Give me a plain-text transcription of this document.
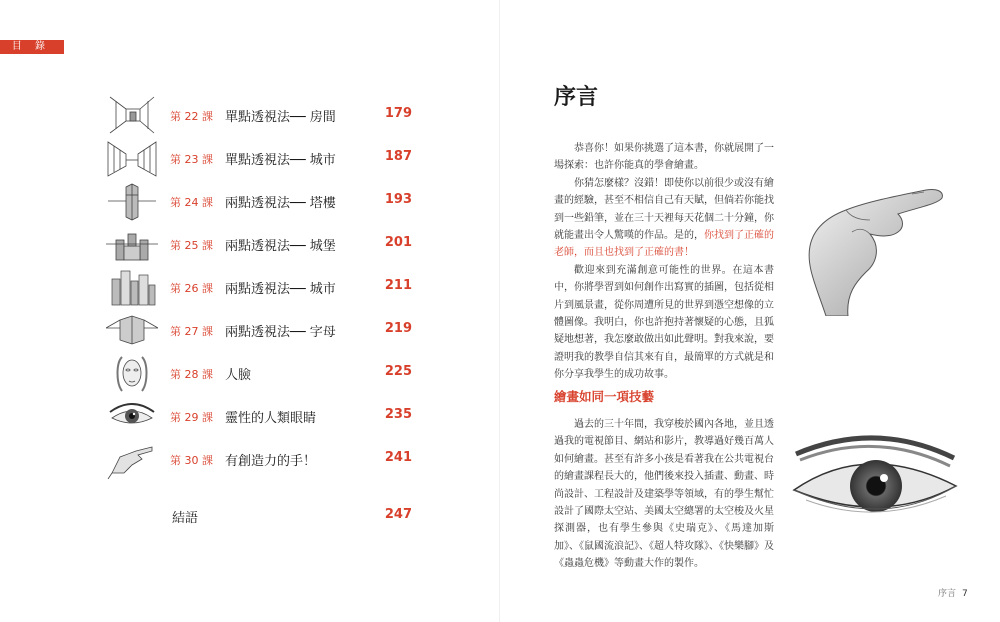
目 錄
第 22 課 單點透視法── 房間	179
第 23 課 單點透視法── 城市	187
第 24 課 兩點透視法── 塔樓	193
第 25 課 兩點透視法── 城堡	201
第 26 課 兩點透視法── 城市	211
第 27 課 兩點透視法── 字母	219
第 28 課 人臉	225
第 29 課 靈性的人類眼睛	235
第 30 課 有創造力的手！	241
結語	247
序言

恭喜你！如果你挑選了這本書，你就展開了一場探索：也許你能真的學會繪畫。

你猜怎麼樣？沒錯！即使你以前很少或沒有繪畫的經驗，甚至不相信自己有天賦，但倘若你能找到一些鉛筆，並在三十天裡每天花個二十分鐘，你就能畫出令人驚嘆的作品。是的，你找到了正確的老師，而且也找到了正確的書！

歡迎來到充滿創意可能性的世界。在這本書中，你將學習到如何創作出寫實的插圖，包括從相片到風景畫，從你周遭所見的世界到憑空想像的立體圖像。我明白，你也許抱持著懷疑的心態，且狐疑地想著，我怎麼敢做出如此聲明。對我來說，要證明我的教學自信其來有自，最簡單的方式就是和你分享我學生的成功故事。

繪畫如同一項技藝

過去的三十年間，我穿梭於國內各地，並且透過我的電視節目、網站和影片，教導過好幾百萬人如何繪畫。甚至有許多小孩是看著我在公共電視台的繪畫課程長大的，他們後來投入插畫、動畫、時尚設計、工程設計及建築學等領域，有的學生幫忙設計了國際太空站、美國太空總署的太空梭及火星探測器，也有學生參與《史瑞克》、《馬達加斯加》、《鼠國流浪記》、《超人特攻隊》、《快樂腳》及《蟲蟲危機》等動畫大作的製作。

序言 7
